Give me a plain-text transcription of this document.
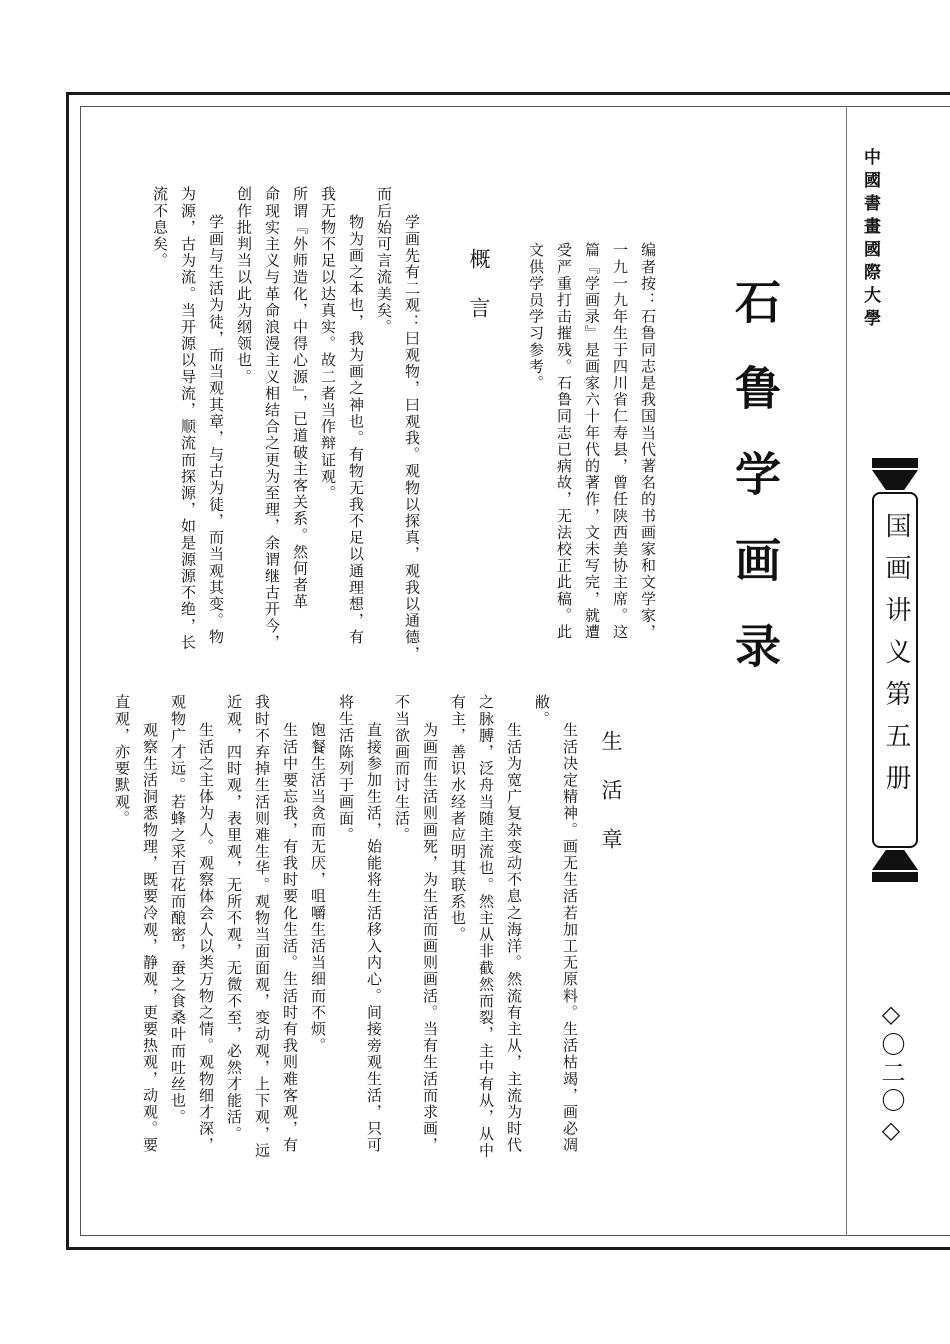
中國書畫國際大學
国画讲义第五册
◇〇二〇◇
石鲁学画录
编者按：石鲁同志是我国当代著名的书画家和文学家，
一九一九年生于四川省仁寿县，曾任陕西美协主席。这
篇『学画录』是画家六十年代的著作，文未写完，就遭
受严重打击摧残。石鲁同志已病故，无法校正此稿。此
文供学员学习参考。
概言
学画先有二观：曰观物，曰观我。观物以探真，观我以通德，
而后始可言流美矣。
物为画之本也，我为画之神也。有物无我不足以通理想，有
我无物不足以达真实。故二者当作辩证观。
所谓『外师造化，中得心源』，已道破主客关系。然何者革
命现实主义与革命浪漫主义相结合之更为至理，余谓继古开今，
创作批判当以此为纲领也。
学画与生活为徒，而当观其章，与古为徒，而当观其变。物
为源，古为流。当开源以导流，顺流而探源，如是源源不绝，长
流不息矣。
生活章
生活决定精神。画无生活若加工无原料。生活枯竭，画必凋
敝。
生活为宽广复杂变动不息之海洋。然流有主从，主流为时代
之脉膊，泛舟当随主流也。然主从非截然而裂，主中有从，从中
有主，善识水经者应明其联系也。
为画而生活则画死，为生活而画则画活。当有生活而求画，
不当欲画而讨生活。
直接参加生活，始能将生活移入内心。间接旁观生活，只可
将生活陈列于画面。
饱餐生活当贪而无厌，咀嚼生活当细而不烦。
生活中要忘我，有我时要化生活。生活时有我则难客观，有
我时不弃掉生活则难生华。观物当面面观，变动观，上下观，远
近观，四时观，表里观，无所不观，无微不至，必然才能活。
生活之主体为人。观察体会人以类万物之情。观物细才深，
观物广才远。若蜂之采百花而酿密，蚕之食桑叶而吐丝也。
观察生活洞悉物理，既要冷观，静观，更要热观，动观。要
直观，亦要默观。
